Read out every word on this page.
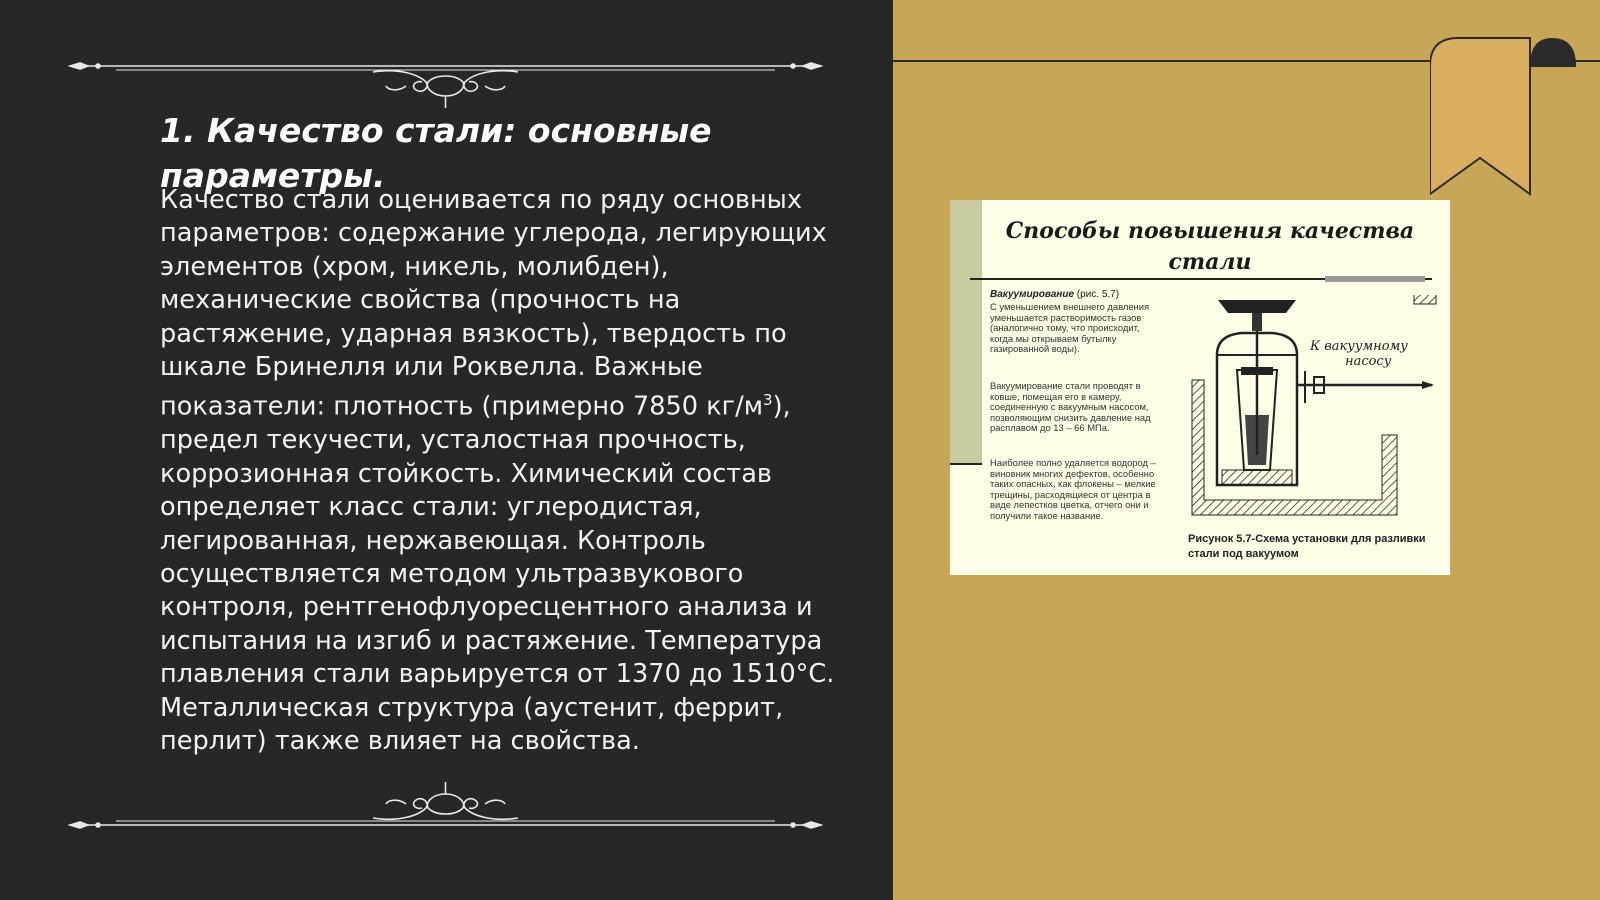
1. Качество стали: основные параметры.

Качество стали оценивается по ряду основных параметров: содержание углерода, легирующих элементов (хром, никель, молибден), механические свойства (прочность на растяжение, ударная вязкость), твердость по шкале Бринелля или Роквелла. Важные показатели: плотность (примерно 7850 $кг/м^3$), предел текучести, усталостная прочность, коррозионная стойкость. Химический состав определяет класс стали: углеродистая, легированная, нержавеющая. Контроль осуществляется методом ультразвукового контроля, рентгенофлуоресцентного анализа и испытания на изгиб и растяжение. Температура плавления стали варьируется от 1370 до 1510°C. Металлическая структура (аустенит, феррит, перлит) также влияет на свойства.

Способы повышения качества стали
Вакуумирование (рис. 5.7)

С уменьшением внешнего давления уменьшается растворимость газов (аналогично тому, что происходит, когда мы открываем бутылку газированной воды).

Вакуумирование стали проводят в ковше, помещая его в камеру, соединенную с вакуумным насосом, позволяющим снизить давление над расплавом до 13 – 66 МПа.

Наиболее полно удаляется водород – виновник многих дефектов, особенно таких опасных, как флокены – мелкие трещины, расходящиеся от центра в виде лепестков цветка, отчего они и получили такое название.

К вакуумному
насосу
Рисунок 5.7-Схема установки для разливки стали под вакуумом
